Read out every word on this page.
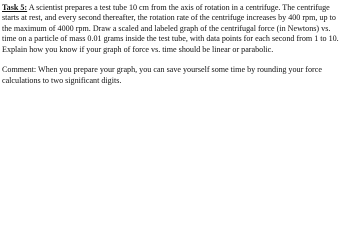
Task 5: A scientist prepares a test tube 10 cm from the axis of rotation in a centrifuge. The centrifuge starts at rest, and every second thereafter, the rotation rate of the centrifuge increases by 400 rpm, up to the maximum of 4000 rpm. Draw a scaled and labeled graph of the centrifugal force (in Newtons) vs. time on a particle of mass 0.01 grams inside the test tube, with data points for each second from 1 to 10. Explain how you know if your graph of force vs. time should be linear or parabolic.

Comment: When you prepare your graph, you can save yourself some time by rounding your force calculations to two significant digits.
